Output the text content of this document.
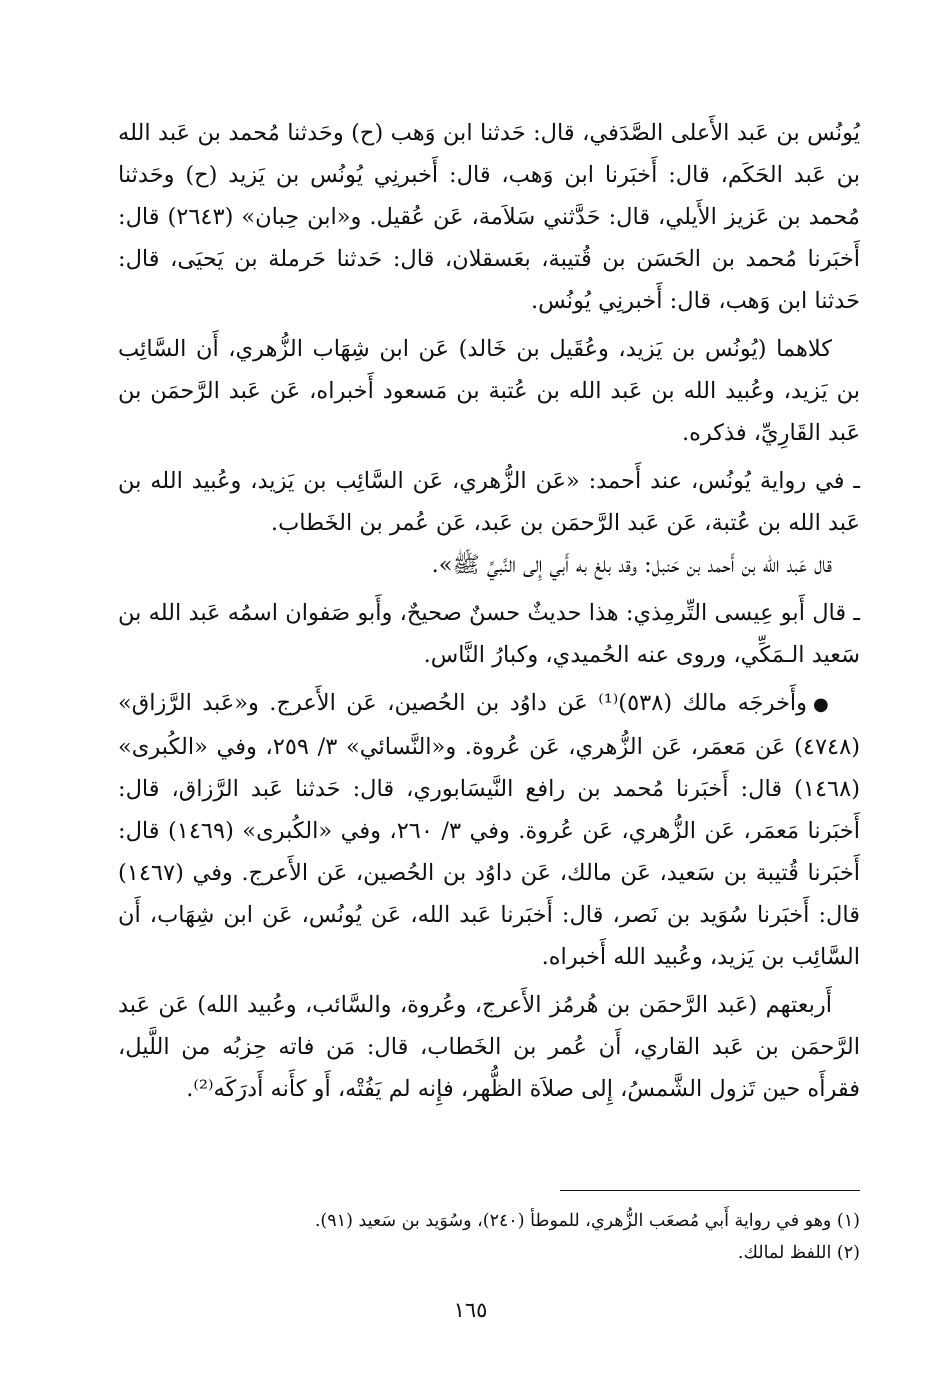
يُونُس بن عَبد الأَعلى الصَّدَفي، قال: حَدثنا ابن وَهب (ح) وحَدثنا مُحمد بن عَبد الله بن عَبد الحَكَم، قال: أَخبَرنا ابن وَهب، قال: أَخبرنِي يُونُس بن يَزيد (ح) وحَدثنا مُحمد بن عَزيز الأَيلي، قال: حَدَّثني سَلاَمة، عَن عُقيل. و«ابن حِبان» (٢٦٤٣) قال: أَخبَرنا مُحمد بن الحَسَن بن قُتيبة، بعَسقلان، قال: حَدثنا حَرملة بن يَحيَى، قال: حَدثنا ابن وَهب، قال: أَخبرنِي يُونُس.

كلاهما (يُونُس بن يَزيد، وعُقَيل بن خَالد) عَن ابن شِهَاب الزُّهري، أَن السَّائِب بن يَزيد، وعُبيد الله بن عَبد الله بن عُتبة بن مَسعود أَخبراه، عَن عَبد الرَّحمَن بن عَبد القَارِيِّ، فذكره.

ـ في رواية يُونُس، عند أَحمد: «عَن الزُّهري، عَن السَّائِب بن يَزيد، وعُبيد الله بن عَبد الله بن عُتبة، عَن عَبد الرَّحمَن بن عَبد، عَن عُمر بن الخَطاب.

قال عَبد الله بن أَحمد بن حَنبل: وقد بلغ به أَبي إِلى النَّبيِّ ﷺ».

ـ قال أَبو عِيسى التِّرمِذي: هذا حديثٌ حسنٌ صحيحٌ، وأَبو صَفوان اسمُه عَبد الله بن سَعيد الـمَكِّي، وروى عنه الحُميدي، وكبارُ النَّاس.

●وأَخرجَه مالك (٥٣٨)⁽¹⁾ عَن داوُد بن الحُصين، عَن الأَعرج. و«عَبد الرَّزاق» (٤٧٤٨) عَن مَعمَر، عَن الزُّهري، عَن عُروة. و«النَّسائي» ٣/ ٢٥٩، وفي «الكُبرى» (١٤٦٨) قال: أَخبَرنا مُحمد بن رافع النَّيسَابوري، قال: حَدثنا عَبد الرَّزاق، قال: أَخبَرنا مَعمَر، عَن الزُّهري، عَن عُروة. وفي ٣/ ٢٦٠، وفي «الكُبرى» (١٤٦٩) قال: أَخبَرنا قُتيبة بن سَعيد، عَن مالك، عَن داوُد بن الحُصين، عَن الأَعرج. وفي (١٤٦٧) قال: أَخبَرنا سُوَيد بن نَصر، قال: أَخبَرنا عَبد الله، عَن يُونُس، عَن ابن شِهَاب، أَن السَّائِب بن يَزيد، وعُبيد الله أَخبراه.

أَربعتهم (عَبد الرَّحمَن بن هُرمُز الأَعرج، وعُروة، والسَّائب، وعُبيد الله) عَن عَبد الرَّحمَن بن عَبد القاري، أَن عُمر بن الخَطاب، قال: مَن فاته حِزبُه من اللَّيل، فقرأَه حين تَزول الشَّمسُ، إِلى صلاَة الظُّهر، فإِنه لم يَفُتْه، أَو كأَنه أَدرَكَه⁽²⁾.

(١) وهو في رواية أَبي مُصعَب الزُّهري، للموطأ (٢٤٠)، وسُوَيد بن سَعيد (٩١).

(٢) اللفظ لمالك.

١٦٥
